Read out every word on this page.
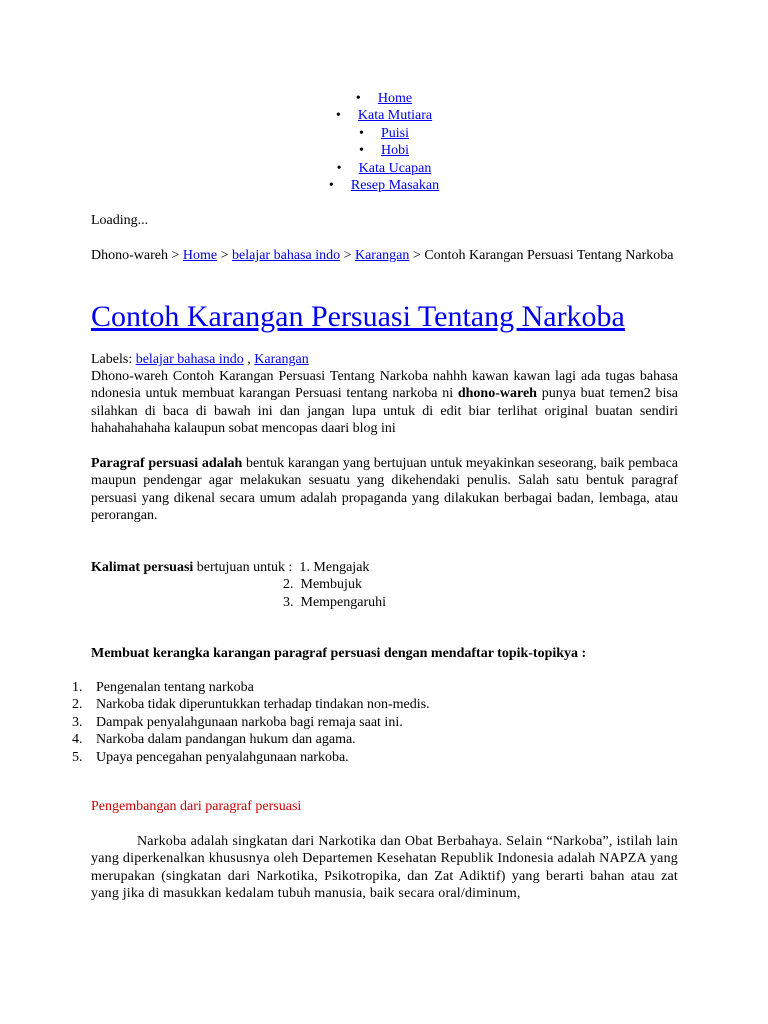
• Home
• Kata Mutiara
• Puisi
• Hobi
• Kata Ucapan
• Resep Masakan
Loading...
Dhono-wareh > Home > belajar bahasa indo > Karangan > Contoh Karangan Persuasi Tentang Narkoba
Contoh Karangan Persuasi Tentang Narkoba
Labels: belajar bahasa indo , Karangan
Dhono-wareh Contoh Karangan Persuasi Tentang Narkoba nahhh kawan kawan lagi ada tugas bahasa ndonesia untuk membuat karangan Persuasi tentang narkoba ni dhono-wareh punya buat temen2 bisa silahkan di baca di bawah ini dan jangan lupa untuk di edit biar terlihat original buatan sendiri hahahahahaha kalaupun sobat mencopas daari blog ini
Paragraf persuasi adalah bentuk karangan yang bertujuan untuk meyakinkan seseorang, baik pembaca maupun pendengar agar melakukan sesuatu yang dikehendaki penulis. Salah satu bentuk paragraf persuasi yang dikenal secara umum adalah propaganda yang dilakukan berbagai badan, lembaga, atau perorangan.
Kalimat persuasi bertujuan untuk :  1. Mengajak
2.  Membujuk
3.  Mempengaruhi
Membuat kerangka karangan paragraf persuasi dengan mendaftar topik-topikya :
1. Pengenalan tentang narkoba
2. Narkoba tidak diperuntukkan terhadap tindakan non-medis.
3. Dampak penyalahgunaan narkoba bagi remaja saat ini.
4. Narkoba dalam pandangan hukum dan agama.
5. Upaya pencegahan penyalahgunaan narkoba.
Pengembangan dari paragraf persuasi
Narkoba adalah singkatan dari Narkotika dan Obat Berbahaya. Selain “Narkoba”, istilah lain yang diperkenalkan khususnya oleh Departemen Kesehatan Republik Indonesia adalah NAPZA yang merupakan (singkatan dari Narkotika, Psikotropika, dan Zat Adiktif) yang berarti bahan atau zat yang jika di masukkan kedalam tubuh manusia, baik secara oral/diminum,
